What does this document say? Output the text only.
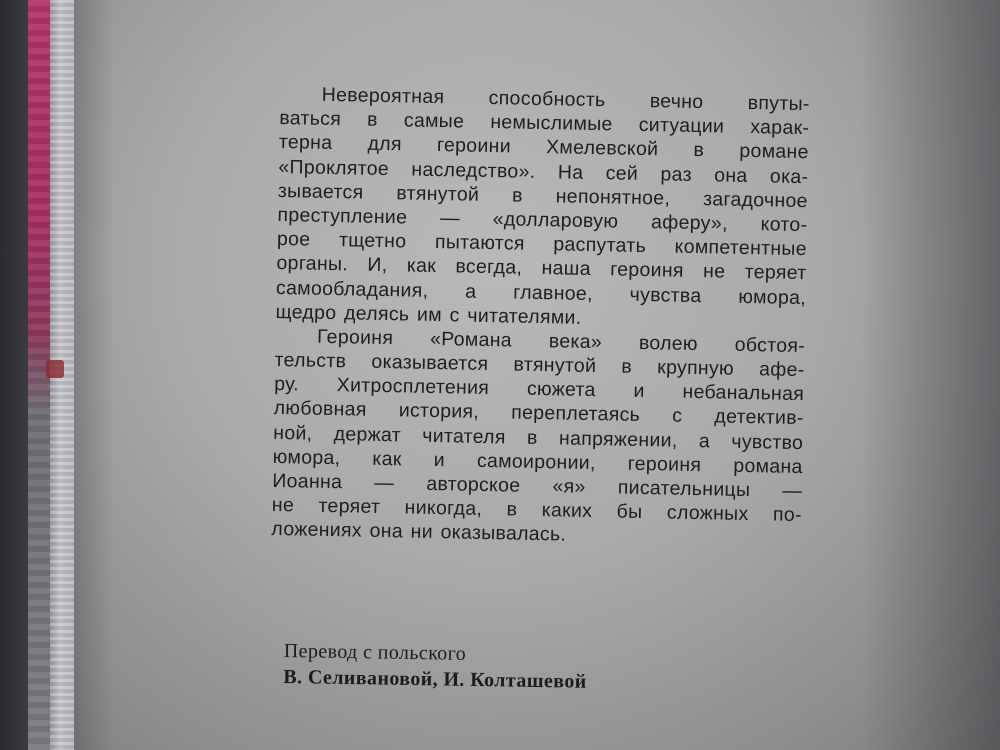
Невероятная способность вечно впуты-
ваться в самые немыслимые ситуации харак-
терна для героини Хмелевской в романе
«Проклятое наследство». На сей раз она ока-
зывается втянутой в непонятное, загадочное
преступление — «долларовую аферу», кото-
рое тщетно пытаются распутать компетентные
органы. И, как всегда, наша героиня не теряет
самообладания, а главное, чувства юмора,
щедро делясь им с читателями.
Героиня «Романа века» волею обстоя-
тельств оказывается втянутой в крупную афе-
ру. Хитросплетения сюжета и небанальная
любовная история, переплетаясь с детектив-
ной, держат читателя в напряжении, а чувство
юмора, как и самоиронии, героиня романа
Иоанна — авторское «я» писательницы —
не теряет никогда, в каких бы сложных по-
ложениях она ни оказывалась.
Перевод с польского
В. Селивановой, И. Колташевой
